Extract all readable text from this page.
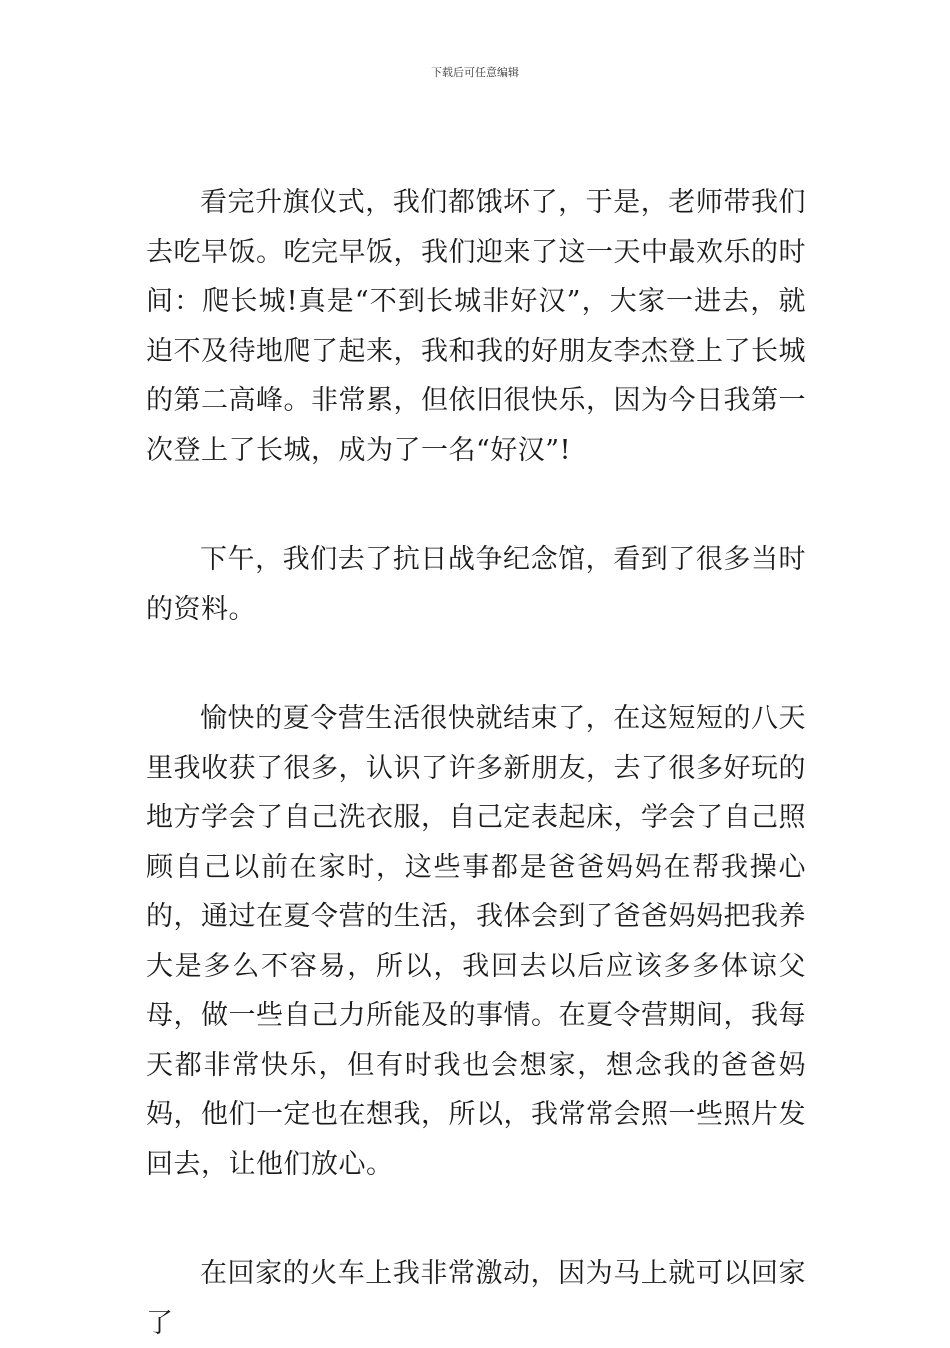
下载后可任意编辑

看完升旗仪式，我们都饿坏了，于是，老师带我们去吃早饭。吃完早饭，我们迎来了这一天中最欢乐的时间：爬长城!真是“不到长城非好汉”，大家一进去，就迫不及待地爬了起来，我和我的好朋友李杰登上了长城的第二高峰。非常累，但依旧很快乐，因为今日我第一次登上了长城，成为了一名“好汉”!

下午，我们去了抗日战争纪念馆，看到了很多当时的资料。

愉快的夏令营生活很快就结束了，在这短短的八天里我收获了很多，认识了许多新朋友，去了很多好玩的地方学会了自己洗衣服，自己定表起床，学会了自己照顾自己以前在家时，这些事都是爸爸妈妈在帮我操心的，通过在夏令营的生活，我体会到了爸爸妈妈把我养大是多么不容易，所以，我回去以后应该多多体谅父母，做一些自己力所能及的事情。在夏令营期间，我每天都非常快乐，但有时我也会想家，想念我的爸爸妈妈，他们一定也在想我，所以，我常常会照一些照片发回去，让他们放心。

在回家的火车上我非常激动，因为马上就可以回家了
